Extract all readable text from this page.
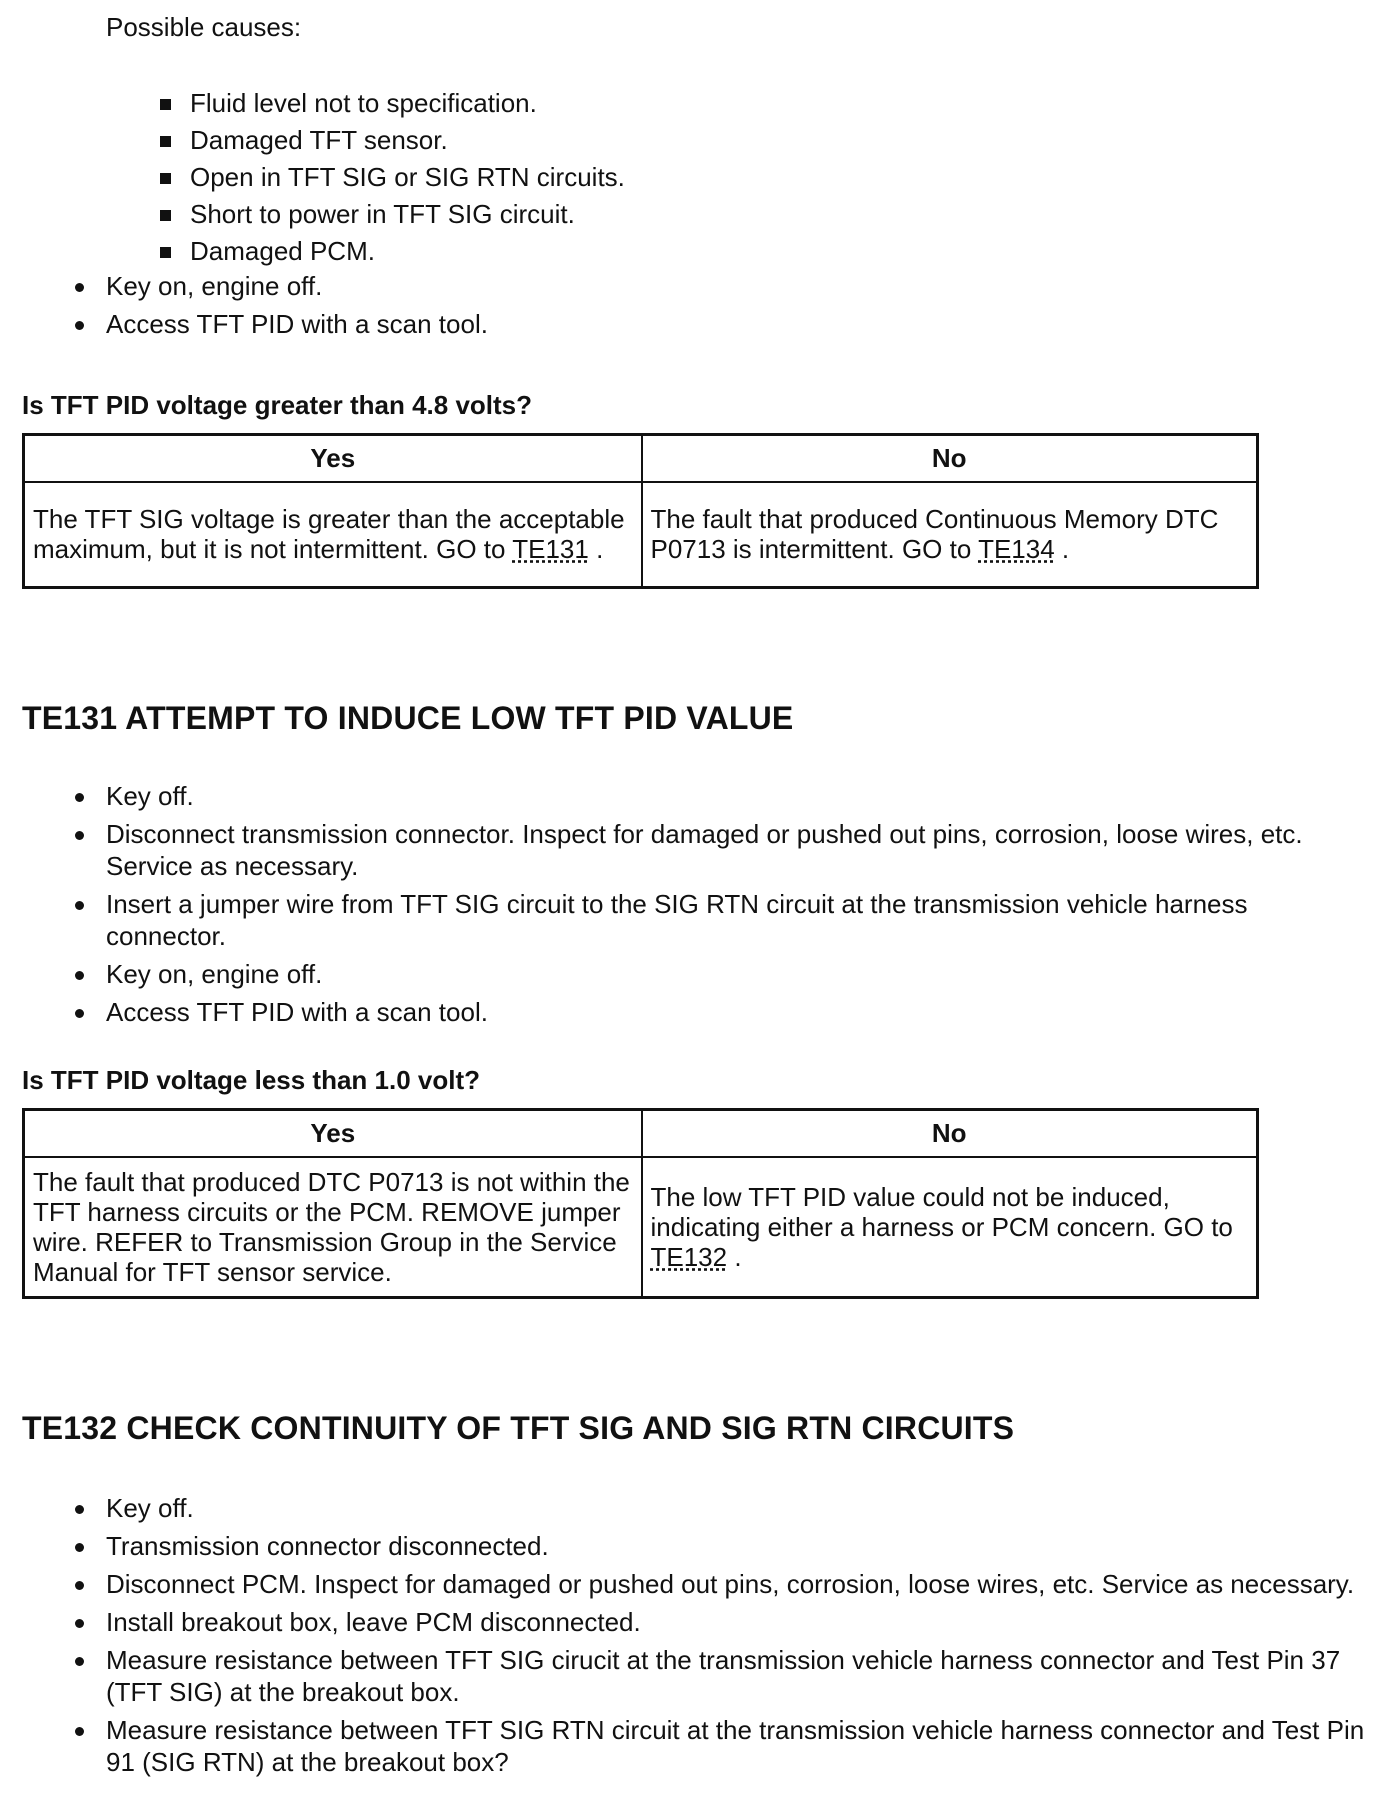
Possible causes:
Fluid level not to specification.
Damaged TFT sensor.
Open in TFT SIG or SIG RTN circuits.
Short to power in TFT SIG circuit.
Damaged PCM.
Key on, engine off.
Access TFT PID with a scan tool.
Is TFT PID voltage greater than 4.8 volts?
Yes	No
The TFT SIG voltage is greater than the acceptable maximum, but it is not intermittent. GO to TE131 .	The fault that produced Continuous Memory DTC P0713 is intermittent. GO to TE134 .
TE131 ATTEMPT TO INDUCE LOW TFT PID VALUE
Key off.
Disconnect transmission connector. Inspect for damaged or pushed out pins, corrosion, loose wires, etc. Service as necessary.
Insert a jumper wire from TFT SIG circuit to the SIG RTN circuit at the transmission vehicle harness connector.
Key on, engine off.
Access TFT PID with a scan tool.
Is TFT PID voltage less than 1.0 volt?
Yes	No
The fault that produced DTC P0713 is not within the TFT harness circuits or the PCM. REMOVE jumper wire. REFER to Transmission Group in the Service Manual for TFT sensor service.	The low TFT PID value could not be induced, indicating either a harness or PCM concern. GO to TE132 .
TE132 CHECK CONTINUITY OF TFT SIG AND SIG RTN CIRCUITS
Key off.
Transmission connector disconnected.
Disconnect PCM. Inspect for damaged or pushed out pins, corrosion, loose wires, etc. Service as necessary.
Install breakout box, leave PCM disconnected.
Measure resistance between TFT SIG cirucit at the transmission vehicle harness connector and Test Pin 37 (TFT SIG) at the breakout box.
Measure resistance between TFT SIG RTN circuit at the transmission vehicle harness connector and Test Pin 91 (SIG RTN) at the breakout box?
